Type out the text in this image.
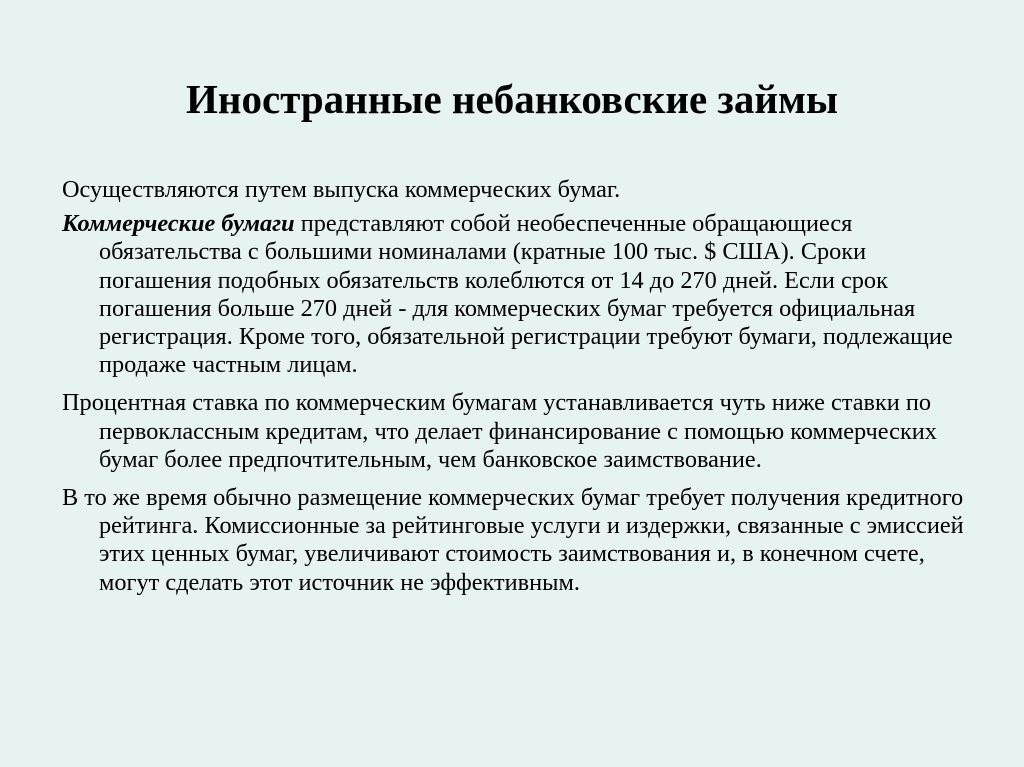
Иностранные небанковские займы

Осуществляются путем выпуска коммерческих бумаг.

Коммерческие бумаги представляют собой необеспеченные обращающиеся обязательства с большими номиналами (кратные 100 тыс. $ США). Сроки погашения подобных обязательств колеблются от 14 до 270 дней. Если срок погашения больше 270 дней - для коммерческих бумаг требуется официальная регистрация. Кроме того, обязательной регистрации требуют бумаги, подлежащие продаже частным лицам.

Процентная ставка по коммерческим бумагам устанавливается чуть ниже ставки по первоклассным кредитам, что делает финансирование с помощью коммерческих бумаг более предпочтительным, чем банковское заимствование.

В то же время обычно размещение коммерческих бумаг требует получения кредитного рейтинга. Комиссионные за рейтинговые услуги и издержки, связанные с эмиссией этих ценных бумаг, увеличивают стоимость заимствования и, в конечном счете, могут сделать этот источник не эффективным.
